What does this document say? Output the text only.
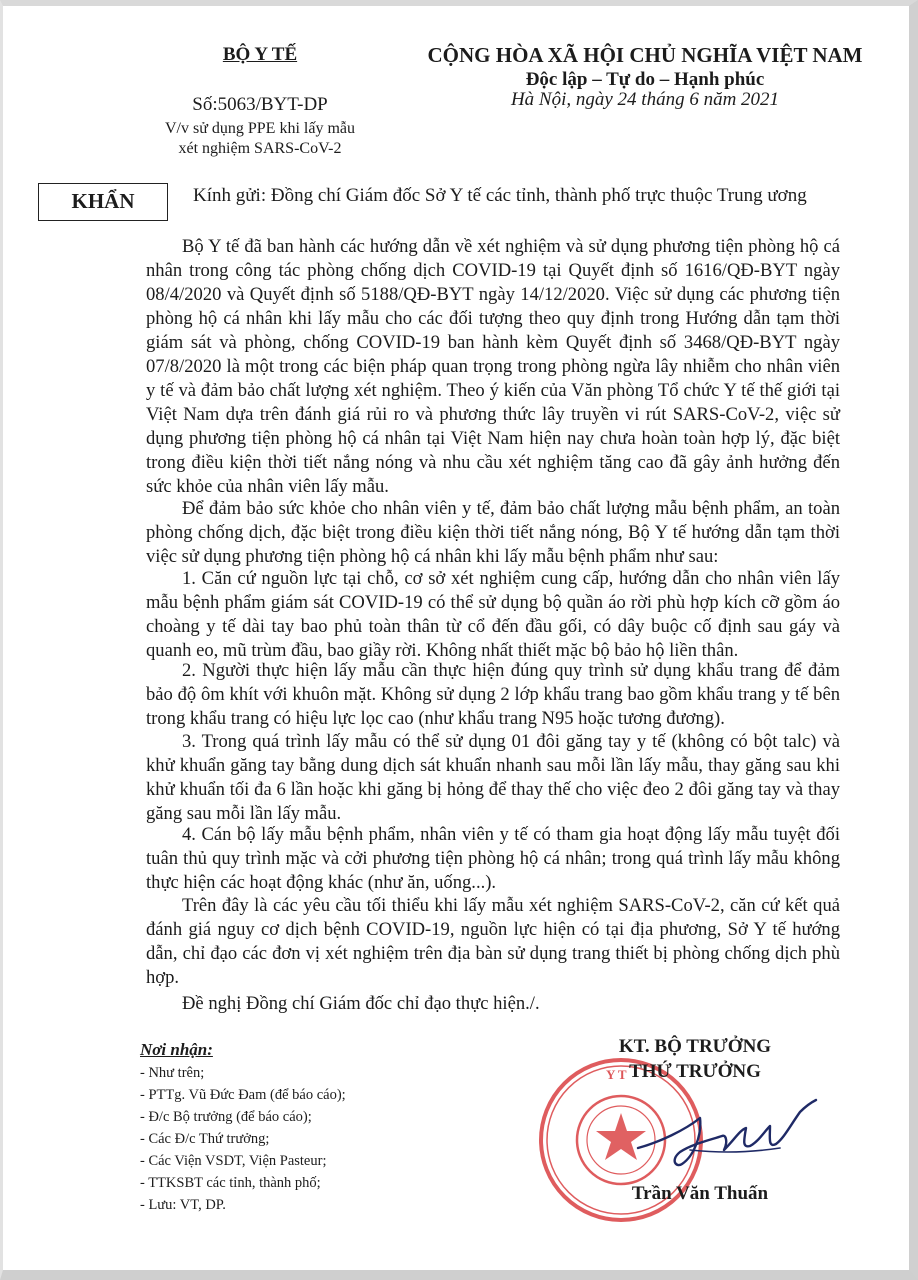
BỘ Y TẾ
Số:5063/BYT-DP
V/v sử dụng PPE khi lấy mẫu
xét nghiệm SARS-CoV-2
CỘNG HÒA XÃ HỘI CHỦ NGHĨA VIỆT NAM
Độc lập – Tự do – Hạnh phúc
Hà Nội, ngày 24 tháng 6 năm 2021
KHẨN	Kính gửi: Đồng chí Giám đốc Sở Y tế các tỉnh, thành phố trực thuộc Trung ương

Bộ Y tế đã ban hành các hướng dẫn về xét nghiệm và sử dụng phương tiện phòng hộ cá nhân trong công tác phòng chống dịch COVID-19 tại Quyết định số 1616/QĐ-BYT ngày 08/4/2020 và Quyết định số 5188/QĐ-BYT ngày 14/12/2020. Việc sử dụng các phương tiện phòng hộ cá nhân khi lấy mẫu cho các đối tượng theo quy định trong Hướng dẫn tạm thời giám sát và phòng, chống COVID-19 ban hành kèm Quyết định số 3468/QĐ-BYT ngày 07/8/2020 là một trong các biện pháp quan trọng trong phòng ngừa lây nhiễm cho nhân viên y tế và đảm bảo chất lượng xét nghiệm. Theo ý kiến của Văn phòng Tổ chức Y tế thế giới tại Việt Nam dựa trên đánh giá rủi ro và phương thức lây truyền vi rút SARS-CoV-2, việc sử dụng phương tiện phòng hộ cá nhân tại Việt Nam hiện nay chưa hoàn toàn hợp lý, đặc biệt trong điều kiện thời tiết nắng nóng và nhu cầu xét nghiệm tăng cao đã gây ảnh hưởng đến sức khỏe của nhân viên lấy mẫu.

Để đảm bảo sức khỏe cho nhân viên y tế, đảm bảo chất lượng mẫu bệnh phẩm, an toàn phòng chống dịch, đặc biệt trong điều kiện thời tiết nắng nóng, Bộ Y tế hướng dẫn tạm thời việc sử dụng phương tiện phòng hộ cá nhân khi lấy mẫu bệnh phẩm như sau:

1. Căn cứ nguồn lực tại chỗ, cơ sở xét nghiệm cung cấp, hướng dẫn cho nhân viên lấy mẫu bệnh phẩm giám sát COVID-19 có thể sử dụng bộ quần áo rời phù hợp kích cỡ gồm áo choàng y tế dài tay bao phủ toàn thân từ cổ đến đầu gối, có dây buộc cố định sau gáy và quanh eo, mũ trùm đầu, bao giầy rời. Không nhất thiết mặc bộ bảo hộ liền thân.

2. Người thực hiện lấy mẫu cần thực hiện đúng quy trình sử dụng khẩu trang để đảm bảo độ ôm khít với khuôn mặt. Không sử dụng 2 lớp khẩu trang bao gồm khẩu trang y tế bên trong khẩu trang có hiệu lực lọc cao (như khẩu trang N95 hoặc tương đương).

3. Trong quá trình lấy mẫu có thể sử dụng 01 đôi găng tay y tế (không có bột talc) và khử khuẩn găng tay bằng dung dịch sát khuẩn nhanh sau mỗi lần lấy mẫu, thay găng sau khi khử khuẩn tối đa 6 lần hoặc khi găng bị hỏng để thay thế cho việc đeo 2 đôi găng tay và thay găng sau mỗi lần lấy mẫu.

4. Cán bộ lấy mẫu bệnh phẩm, nhân viên y tế có tham gia hoạt động lấy mẫu tuyệt đối tuân thủ quy trình mặc và cởi phương tiện phòng hộ cá nhân; trong quá trình lấy mẫu không thực hiện các hoạt động khác (như ăn, uống...).

Trên đây là các yêu cầu tối thiểu khi lấy mẫu xét nghiệm SARS-CoV-2, căn cứ kết quả đánh giá nguy cơ dịch bệnh COVID-19, nguồn lực hiện có tại địa phương, Sở Y tế hướng dẫn, chỉ đạo các đơn vị xét nghiệm trên địa bàn sử dụng trang thiết bị phòng chống dịch phù hợp.

Đề nghị Đồng chí Giám đốc chỉ đạo thực hiện./.

Nơi nhận:
- Như trên;
- PTTg. Vũ Đức Đam (để báo cáo);
- Đ/c Bộ trưởng (để báo cáo);
- Các Đ/c Thứ trưởng;
- Các Viện VSDT, Viện Pasteur;
- TTKSBT các tỉnh, thành phố;
- Lưu: VT, DP.
Y T
KT. BỘ TRƯỞNG
THỨ TRƯỞNG
Trần Văn Thuấn
